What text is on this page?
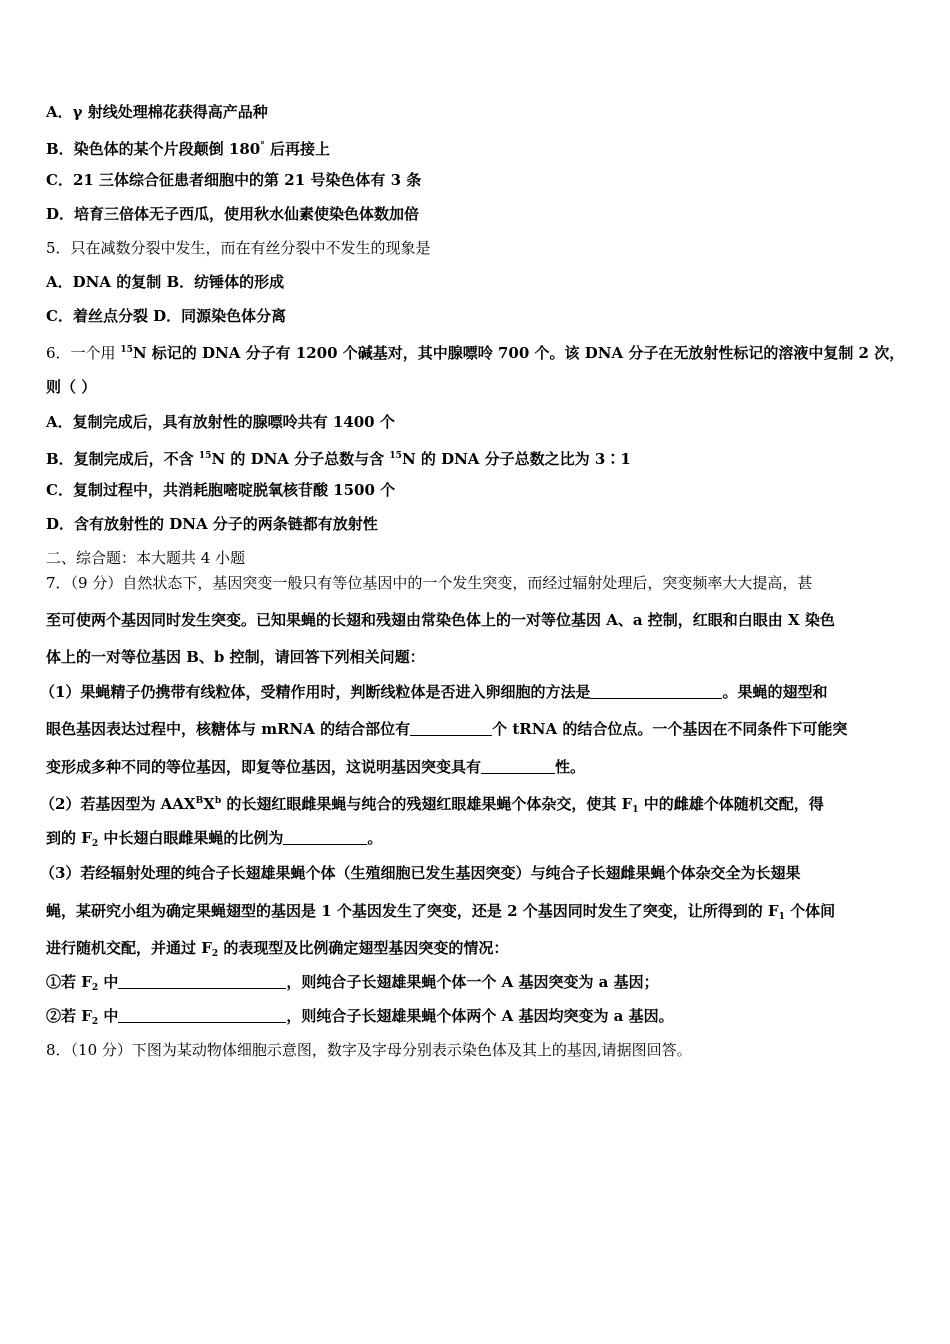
A．γ 射线处理棉花获得高产品种
B．染色体的某个片段颠倒 180° 后再接上
C．21 三体综合征患者细胞中的第 21 号染色体有 3 条
D．培育三倍体无子西瓜，使用秋水仙素使染色体数加倍
5．只在减数分裂中发生，而在有丝分裂中不发生的现象是
A．DNA 的复制 B．纺锤体的形成
C．着丝点分裂 D．同源染色体分离
6．一个用 $^{15}$N 标记的 DNA 分子有 1200 个碱基对，其中腺嘌呤 700 个。该 DNA 分子在无放射性标记的溶液中复制 2 次，
则（ ）
A．复制完成后，具有放射性的腺嘌呤共有 1400 个
B．复制完成后，不含 $^{15}$N 的 DNA 分子总数与含 $^{15}$N 的 DNA 分子总数之比为 3∶1
C．复制过程中，共消耗胞嘧啶脱氧核苷酸 1500 个
D．含有放射性的 DNA 分子的两条链都有放射性
二、综合题：本大题共 4 小题
7．（9 分）自然状态下，基因突变一般只有等位基因中的一个发生突变，而经过辐射处理后，突变频率大大提高，甚
至可使两个基因同时发生突变。已知果蝇的长翅和残翅由常染色体上的一对等位基因 A、a 控制，红眼和白眼由 X 染色
体上的一对等位基因 B、b 控制，请回答下列相关问题：
（1）果蝇精子仍携带有线粒体，受精作用时，判断线粒体是否进入卵细胞的方法是	。果蝇的翅型和
眼色基因表达过程中，核糖体与 mRNA 的结合部位有	个 tRNA 的结合位点。一个基因在不同条件下可能突
变形成多种不同的等位基因，即复等位基因，这说明基因突变具有	性。
（2）若基因型为 $AAX^BX^b$ 的长翅红眼雌果蝇与纯合的残翅红眼雄果蝇个体杂交，使其 $F_1$ 中的雌雄个体随机交配，得
到的 $F_2$ 中长翅白眼雌果蝇的比例为	。
（3）若经辐射处理的纯合子长翅雄果蝇个体（生殖细胞已发生基因突变）与纯合子长翅雌果蝇个体杂交全为长翅果
蝇，某研究小组为确定果蝇翅型的基因是 1 个基因发生了突变，还是 2 个基因同时发生了突变，让所得到的 $F_1$ 个体间
进行随机交配，并通过 $F_2$ 的表现型及比例确定翅型基因突变的情况：
①若 $F_2$ 中	，则纯合子长翅雄果蝇个体一个 A 基因突变为 a 基因；
②若 $F_2$ 中	，则纯合子长翅雄果蝇个体两个 A 基因均突变为 a 基因。
8．（10 分）下图为某动物体细胞示意图，数字及字母分别表示染色体及其上的基因,请据图回答。
